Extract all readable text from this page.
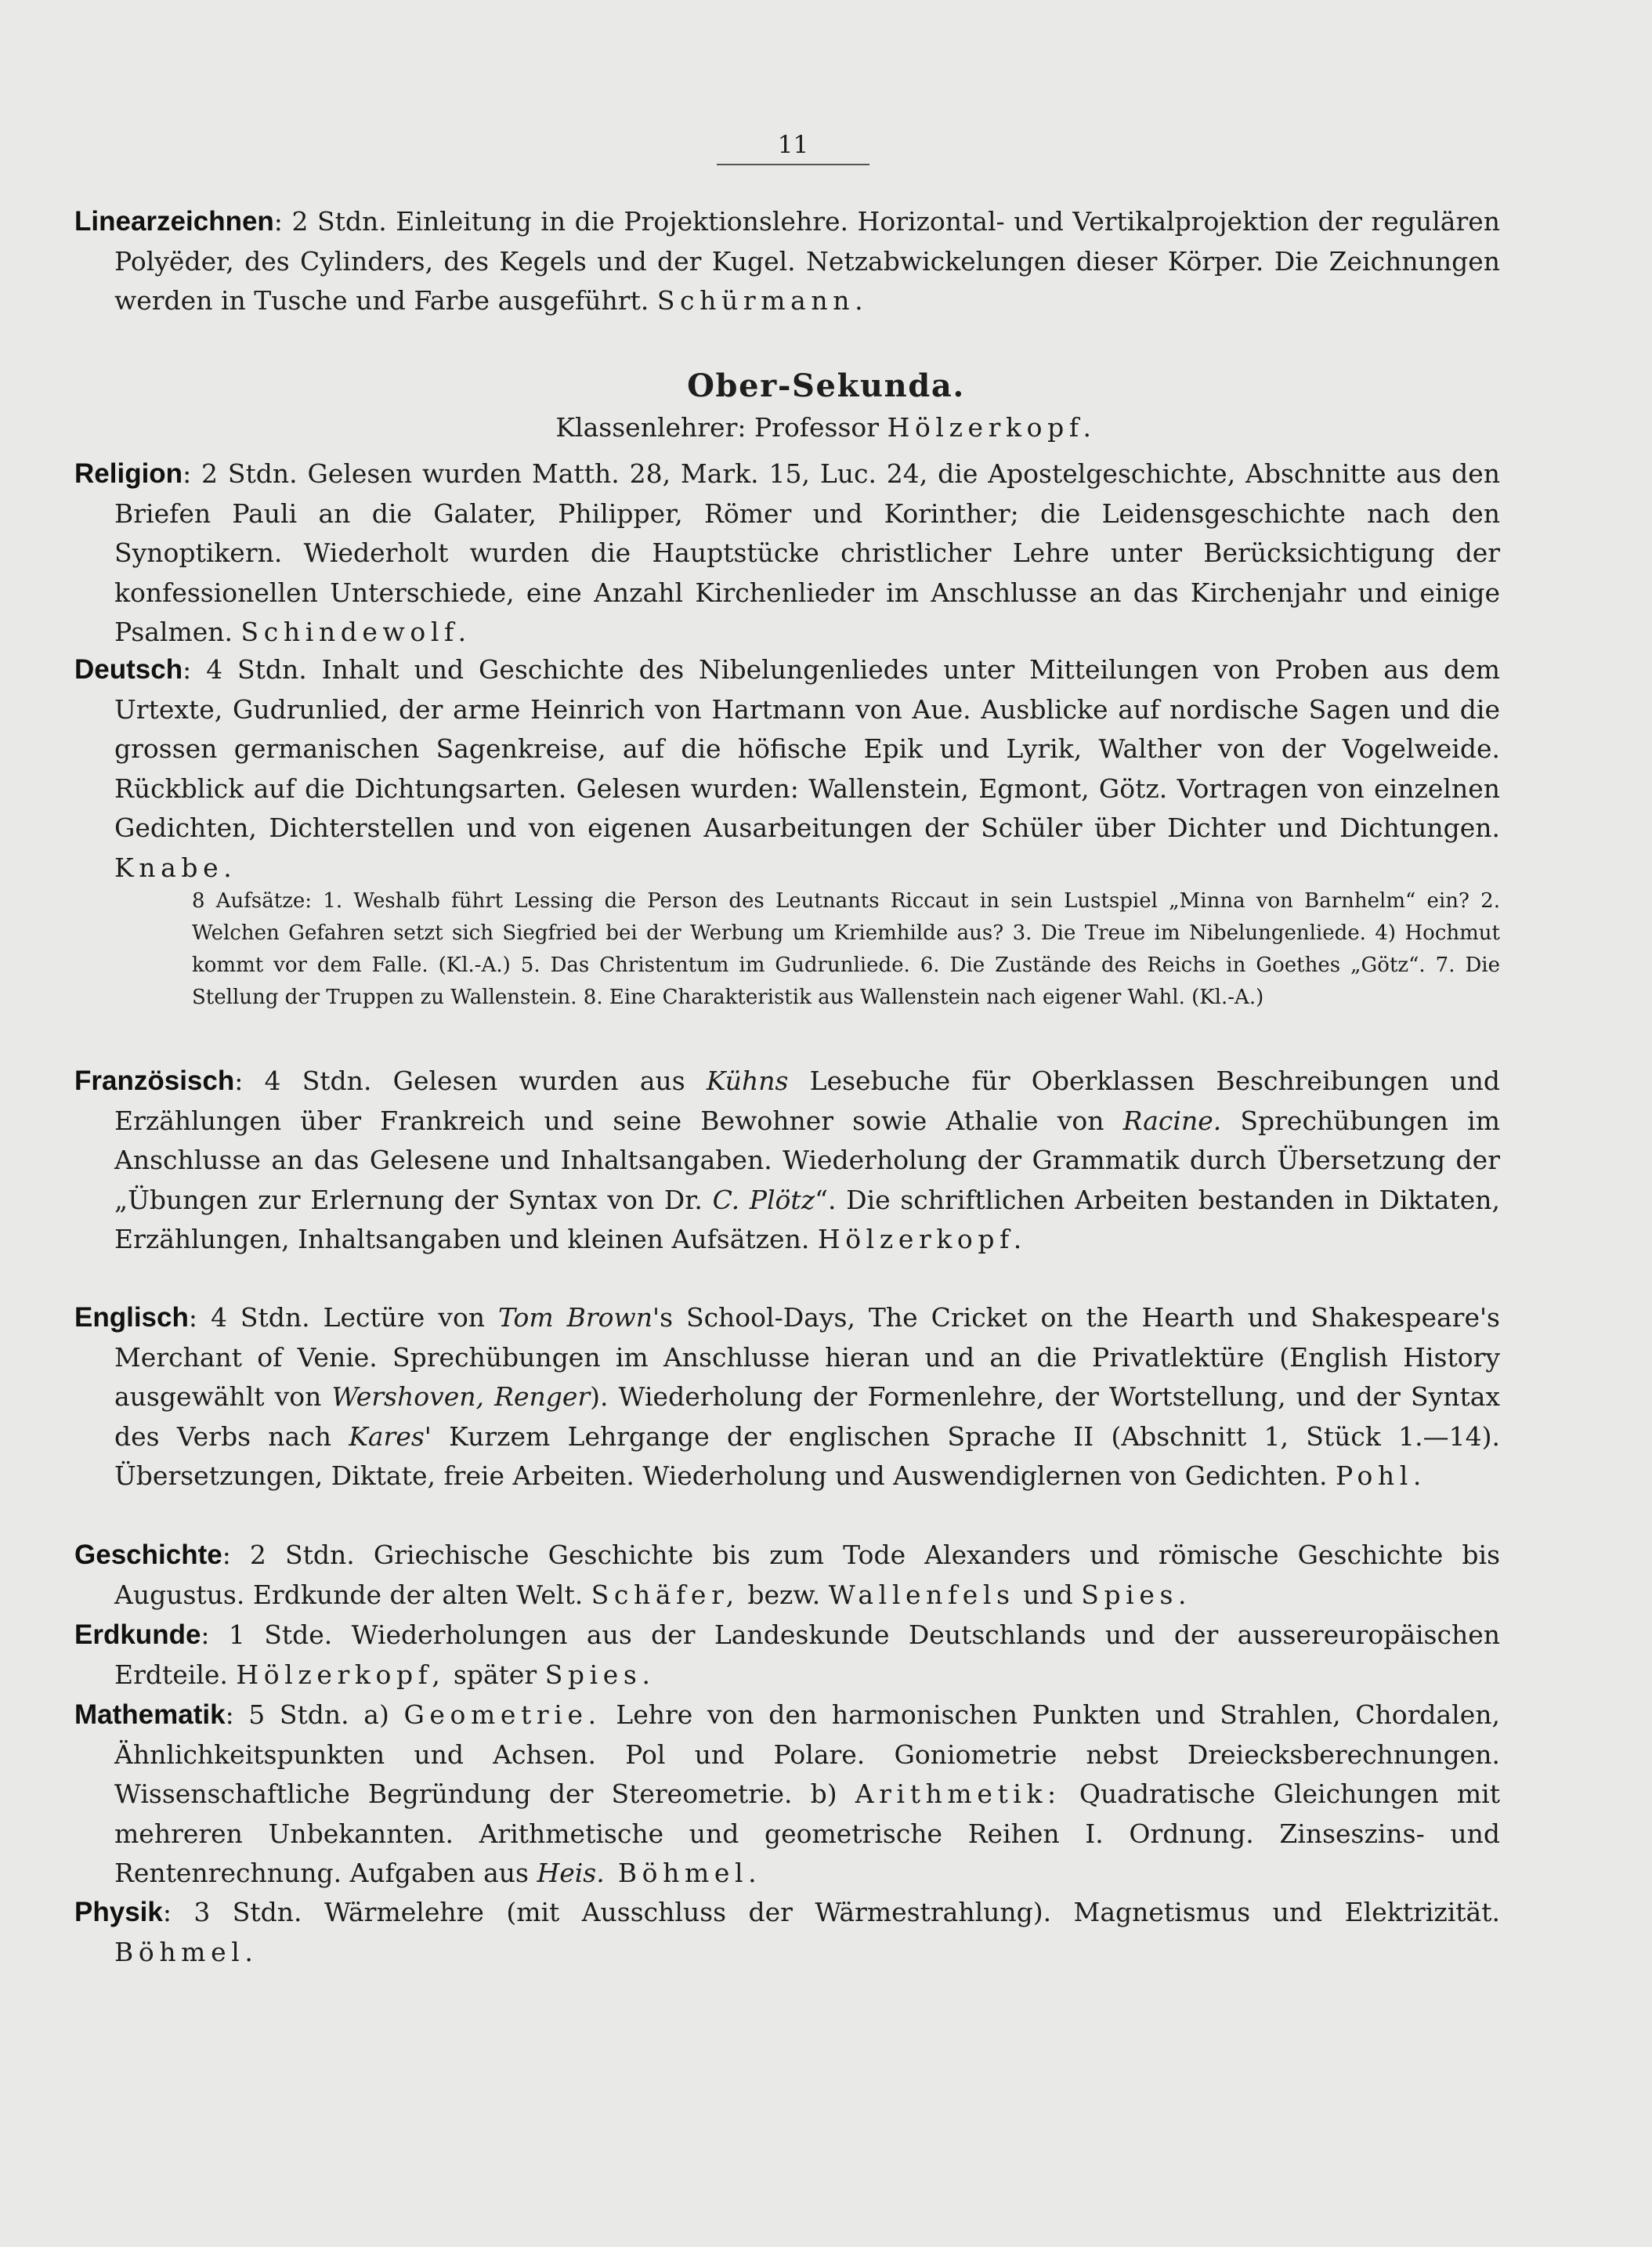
11

Linearzeichnen: 2 Stdn. Einleitung in die Projektionslehre. Horizontal- und Vertikalprojektion der regulären Polyëder, des Cylinders, des Kegels und der Kugel. Netzabwickelungen dieser Körper. Die Zeichnungen werden in Tusche und Farbe ausgeführt. Schürmann.

Ober-Sekunda.
Klassenlehrer: Professor Hölzerkopf.

Religion: 2 Stdn. Gelesen wurden Matth. 28, Mark. 15, Luc. 24, die Apostelgeschichte, Abschnitte aus den Briefen Pauli an die Galater, Philipper, Römer und Korinther; die Leidensgeschichte nach den Synoptikern. Wiederholt wurden die Hauptstücke christlicher Lehre unter Berücksichtigung der konfessionellen Unterschiede, eine Anzahl Kirchenlieder im Anschlusse an das Kirchenjahr und einige Psalmen. Schindewolf.

Deutsch: 4 Stdn. Inhalt und Geschichte des Nibelungenliedes unter Mitteilungen von Proben aus dem Urtexte, Gudrunlied, der arme Heinrich von Hartmann von Aue. Ausblicke auf nordische Sagen und die grossen germanischen Sagenkreise, auf die höfische Epik und Lyrik, Walther von der Vogelweide. Rückblick auf die Dichtungsarten. Gelesen wurden: Wallenstein, Egmont, Götz. Vortragen von einzelnen Gedichten, Dichterstellen und von eigenen Ausarbeitungen der Schüler über Dichter und Dichtungen. Knabe.

8 Aufsätze: 1. Weshalb führt Lessing die Person des Leutnants Riccaut in sein Lustspiel „Minna von Barnhelm“ ein? 2. Welchen Gefahren setzt sich Siegfried bei der Werbung um Kriemhilde aus? 3. Die Treue im Nibelungenliede. 4) Hochmut kommt vor dem Falle. (Kl.-A.) 5. Das Christentum im Gudrunliede. 6. Die Zustände des Reichs in Goethes „Götz“. 7. Die Stellung der Truppen zu Wallenstein. 8. Eine Charakteristik aus Wallenstein nach eigener Wahl. (Kl.-A.)

Französisch: 4 Stdn. Gelesen wurden aus Kühns Lesebuche für Oberklassen Beschreibungen und Erzählungen über Frankreich und seine Bewohner sowie Athalie von Racine. Sprechübungen im Anschlusse an das Gelesene und Inhaltsangaben. Wiederholung der Grammatik durch Übersetzung der „Übungen zur Erlernung der Syntax von Dr. C. Plötz“. Die schriftlichen Arbeiten bestanden in Diktaten, Erzählungen, Inhaltsangaben und kleinen Aufsätzen. Hölzerkopf.

Englisch: 4 Stdn. Lectüre von Tom Brown's School-Days, The Cricket on the Hearth und Shakespeare's Merchant of Venie. Sprechübungen im Anschlusse hieran und an die Privatlektüre (English History ausgewählt von Wershoven, Renger). Wiederholung der Formenlehre, der Wortstellung, und der Syntax des Verbs nach Kares' Kurzem Lehrgange der englischen Sprache II (Abschnitt 1, Stück 1.—14). Übersetzungen, Diktate, freie Arbeiten. Wiederholung und Auswendiglernen von Gedichten. Pohl.

Geschichte: 2 Stdn. Griechische Geschichte bis zum Tode Alexanders und römische Geschichte bis Augustus. Erdkunde der alten Welt. Schäfer, bezw. Wallenfels und Spies.

Erdkunde: 1 Stde. Wiederholungen aus der Landeskunde Deutschlands und der aussereuropäischen Erdteile. Hölzerkopf, später Spies.

Mathematik: 5 Stdn. a) Geometrie. Lehre von den harmonischen Punkten und Strahlen, Chordalen, Ähnlichkeitspunkten und Achsen. Pol und Polare. Goniometrie nebst Dreiecksberechnungen. Wissenschaftliche Begründung der Stereometrie. b) Arithmetik: Quadratische Gleichungen mit mehreren Unbekannten. Arithmetische und geometrische Reihen I. Ordnung. Zinseszins- und Rentenrechnung. Aufgaben aus Heis. Böhmel.

Physik: 3 Stdn. Wärmelehre (mit Ausschluss der Wärmestrahlung). Magnetismus und Elektrizität. Böhmel.
